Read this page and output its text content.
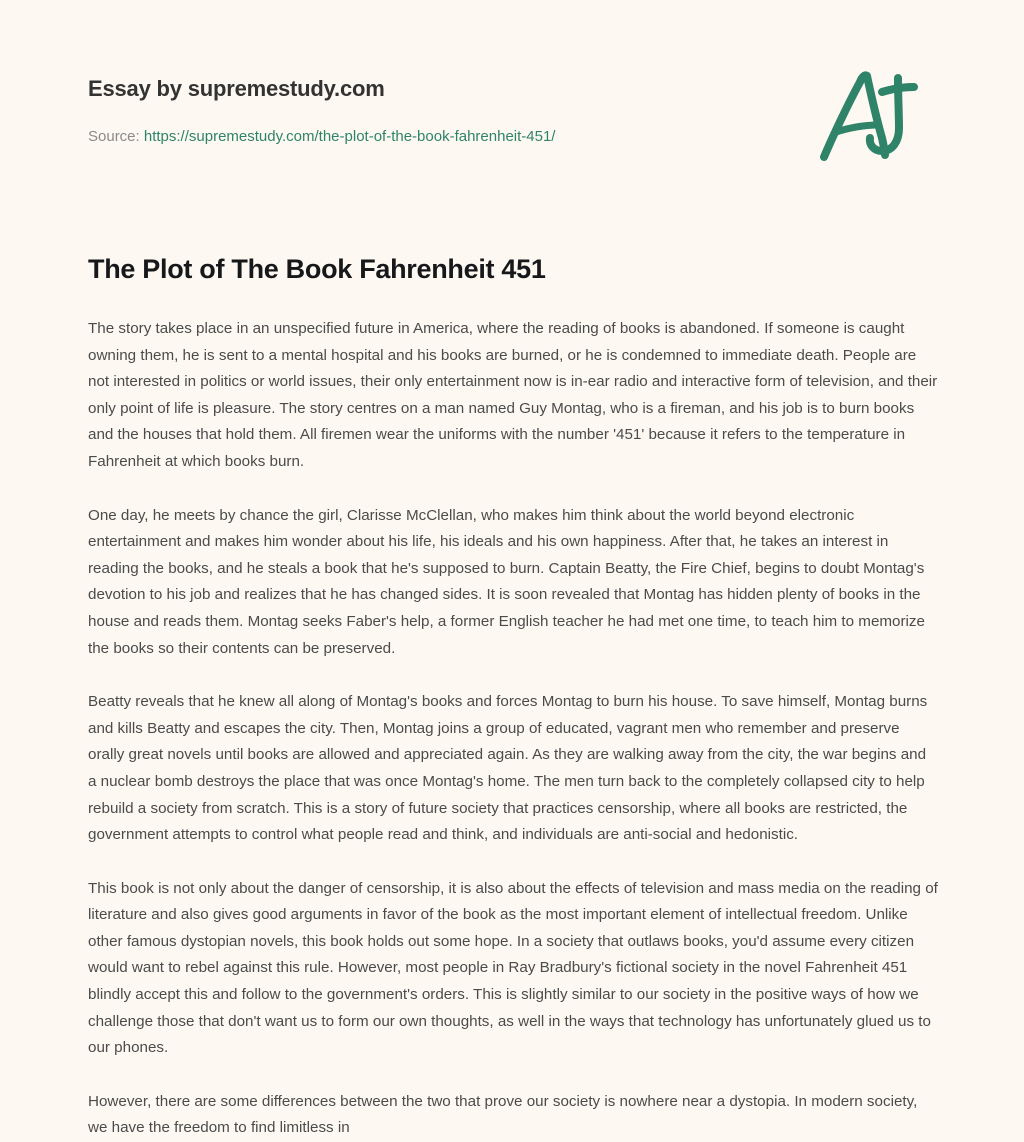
Essay by supremestudy.com
Source: https://supremestudy.com/the-plot-of-the-book-fahrenheit-451/
The Plot of The Book Fahrenheit 451

The story takes place in an unspecified future in America, where the reading of books is abandoned. If someone is caught owning them, he is sent to a mental hospital and his books are burned, or he is condemned to immediate death. People are not interested in politics or world issues, their only entertainment now is in-ear radio and interactive form of television, and their only point of life is pleasure. The story centres on a man named Guy Montag, who is a fireman, and his job is to burn books and the houses that hold them. All firemen wear the uniforms with the number '451' because it refers to the temperature in Fahrenheit at which books burn.

One day, he meets by chance the girl, Clarisse McClellan, who makes him think about the world beyond electronic entertainment and makes him wonder about his life, his ideals and his own happiness. After that, he takes an interest in reading the books, and he steals a book that he's supposed to burn. Captain Beatty, the Fire Chief, begins to doubt Montag's devotion to his job and realizes that he has changed sides. It is soon revealed that Montag has hidden plenty of books in the house and reads them. Montag seeks Faber's help, a former English teacher he had met one time, to teach him to memorize the books so their contents can be preserved.

Beatty reveals that he knew all along of Montag's books and forces Montag to burn his house. To save himself, Montag burns and kills Beatty and escapes the city. Then, Montag joins a group of educated, vagrant men who remember and preserve orally great novels until books are allowed and appreciated again. As they are walking away from the city, the war begins and a nuclear bomb destroys the place that was once Montag's home. The men turn back to the completely collapsed city to help rebuild a society from scratch. This is a story of future society that practices censorship, where all books are restricted, the government attempts to control what people read and think, and individuals are anti-social and hedonistic.

This book is not only about the danger of censorship, it is also about the effects of television and mass media on the reading of literature and also gives good arguments in favor of the book as the most important element of intellectual freedom. Unlike other famous dystopian novels, this book holds out some hope. In a society that outlaws books, you'd assume every citizen would want to rebel against this rule. However, most people in Ray Bradbury's fictional society in the novel Fahrenheit 451 blindly accept this and follow to the government's orders. This is slightly similar to our society in the positive ways of how we challenge those that don't want us to form our own thoughts, as well in the ways that technology has unfortunately glued us to our phones.

However, there are some differences between the two that prove our society is nowhere near a dystopia. In modern society, we have the freedom to find limitless in
